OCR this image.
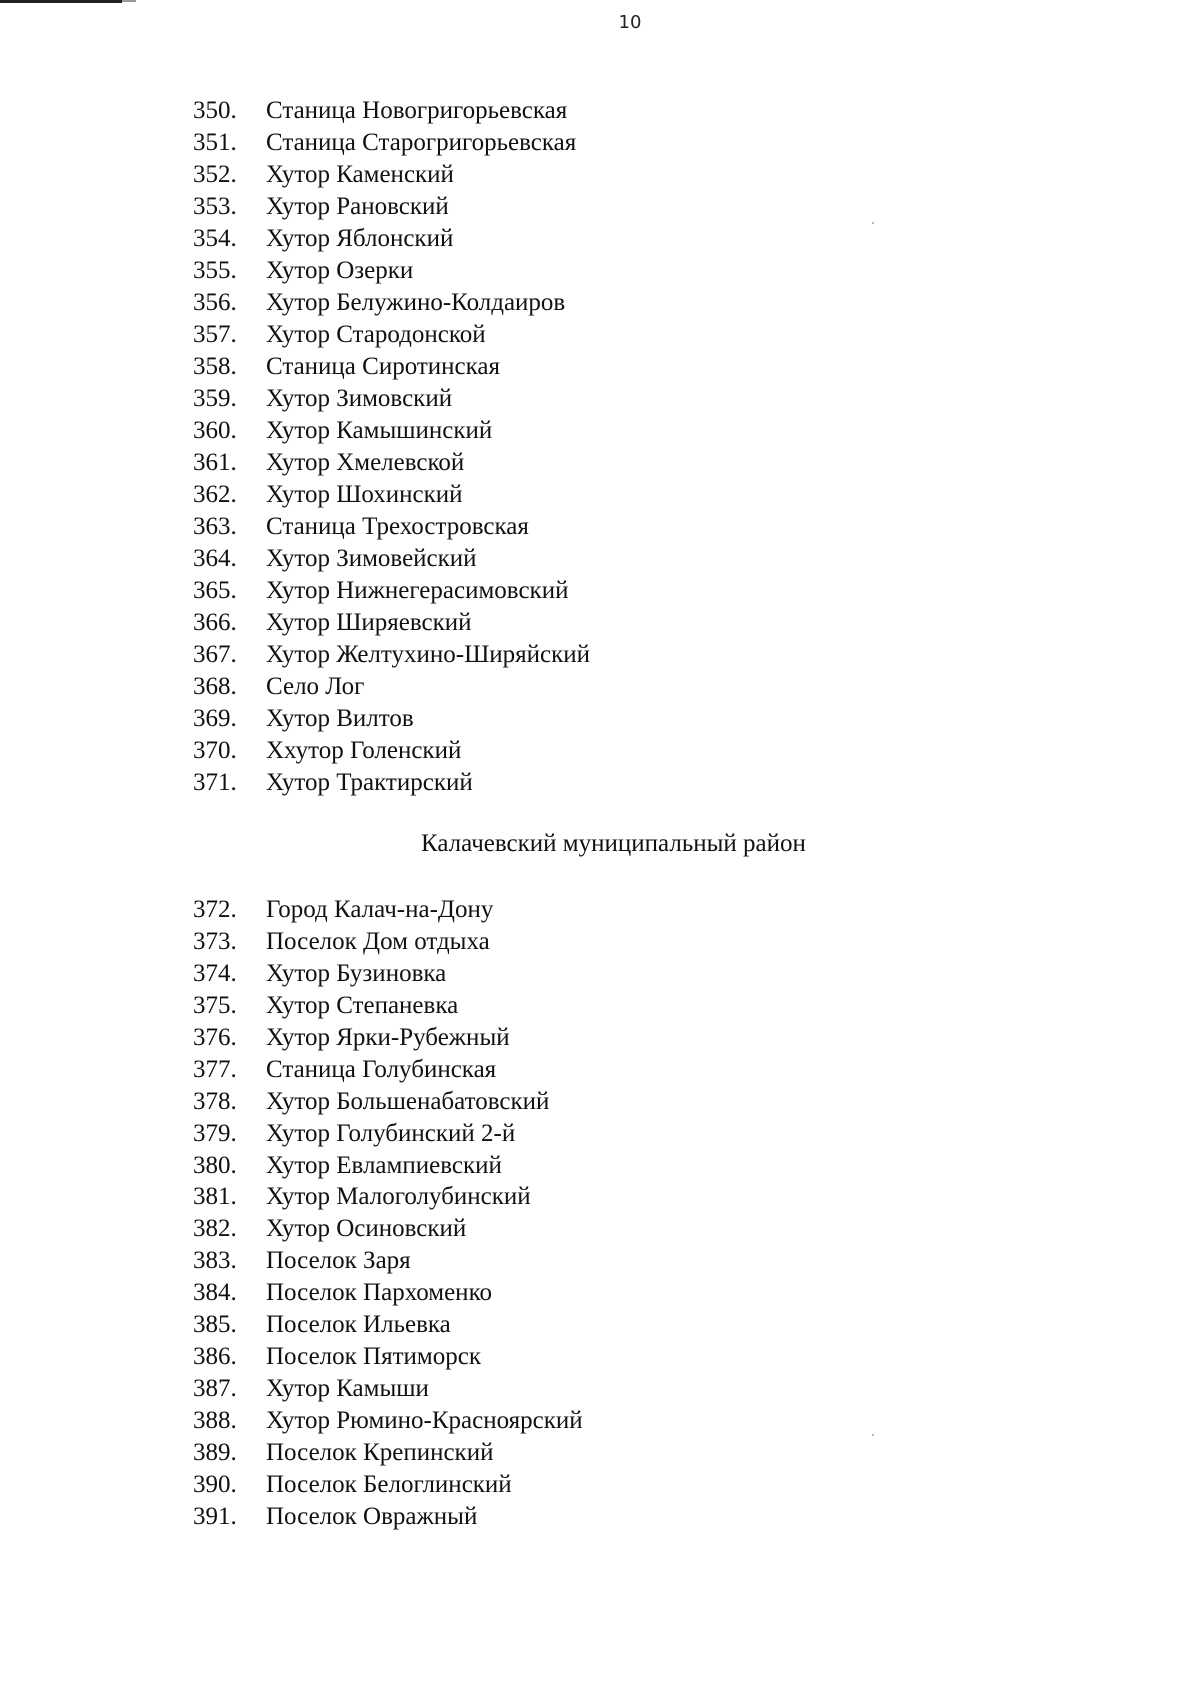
10
350. Станица Новогригорьевская
351. Станица Старогригорьевская
352. Хутор Каменский
353. Хутор Рановский
354. Хутор Яблонский
355. Хутор Озерки
356. Хутор Белужино-Колдаиров
357. Хутор Стародонской
358. Станица Сиротинская
359. Хутор Зимовский
360. Хутор Камышинский
361. Хутор Хмелевской
362. Хутор Шохинский
363. Станица Трехостровская
364. Хутор Зимовейский
365. Хутор Нижнегерасимовский
366. Хутор Ширяевский
367. Хутор Желтухино-Ширяйский
368. Село Лог
369. Хутор Вилтов
370. Ххутор Голенский
371. Хутор Трактирский
Калачевский муниципальный район
372. Город Калач-на-Дону
373. Поселок Дом отдыха
374. Хутор Бузиновка
375. Хутор Степаневка
376. Хутор Ярки-Рубежный
377. Станица Голубинская
378. Хутор Большенабатовский
379. Хутор Голубинский 2-й
380. Хутор Евлампиевский
381. Хутор Малоголубинский
382. Хутор Осиновский
383. Поселок Заря
384. Поселок Пархоменко
385. Поселок Ильевка
386. Поселок Пятиморск
387. Хутор Камыши
388. Хутор Рюмино-Красноярский
389. Поселок Крепинский
390. Поселок Белоглинский
391. Поселок Овражный
